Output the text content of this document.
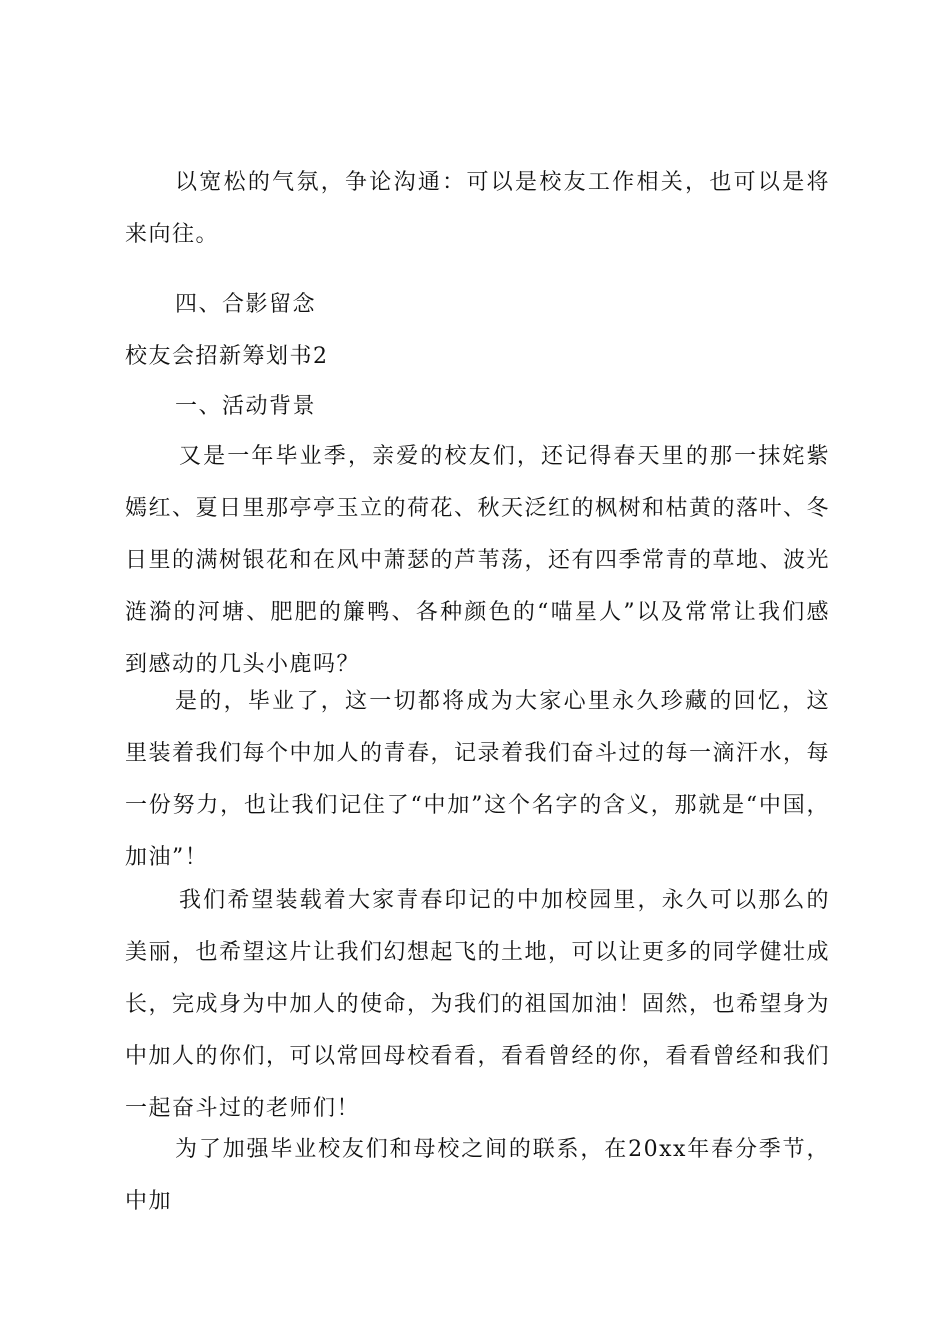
以宽松的气氛，争论沟通：可以是校友工作相关，也可以是将来向往。

四、合影留念

校友会招新筹划书2

一、活动背景

又是一年毕业季，亲爱的校友们，还记得春天里的那一抹姹紫嫣红、夏日里那亭亭玉立的荷花、秋天泛红的枫树和枯黄的落叶、冬日里的满树银花和在风中萧瑟的芦苇荡，还有四季常青的草地、波光涟漪的河塘、肥肥的簾鸭、各种颜色的“喵星人”以及常常让我们感到感动的几头小鹿吗？

是的，毕业了，这一切都将成为大家心里永久珍藏的回忆，这里装着我们每个中加人的青春，记录着我们奋斗过的每一滴汗水，每一份努力，也让我们记住了“中加”这个名字的含义，那就是“中国，加油”！

我们希望装载着大家青春印记的中加校园里，永久可以那么的美丽，也希望这片让我们幻想起飞的土地，可以让更多的同学健壮成长，完成身为中加人的使命，为我们的祖国加油！固然，也希望身为中加人的你们，可以常回母校看看，看看曾经的你，看看曾经和我们一起奋斗过的老师们！

为了加强毕业校友们和母校之间的联系，在20xx年春分季节，中加
